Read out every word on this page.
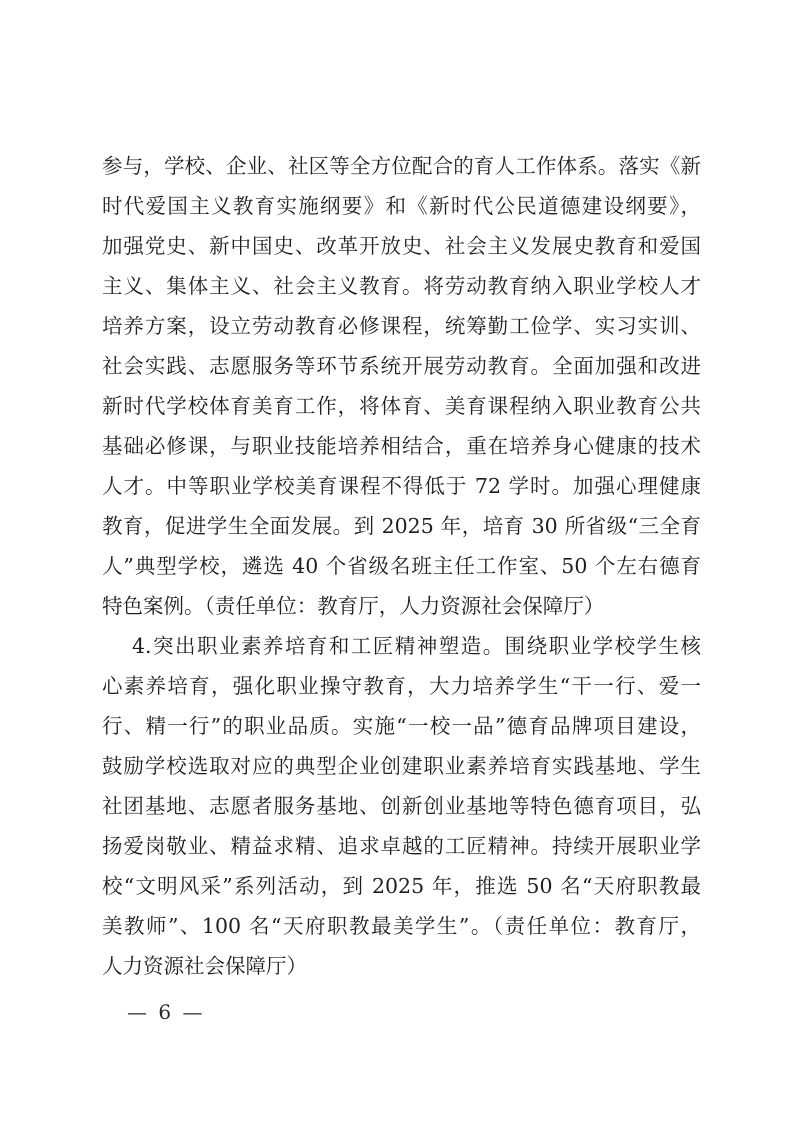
参与，学校、企业、社区等全方位配合的育人工作体系。落实《新
时代爱国主义教育实施纲要》和《新时代公民道德建设纲要》，
加强党史、新中国史、改革开放史、社会主义发展史教育和爱国
主义、集体主义、社会主义教育。将劳动教育纳入职业学校人才
培养方案，设立劳动教育必修课程，统筹勤工俭学、实习实训、
社会实践、志愿服务等环节系统开展劳动教育。全面加强和改进
新时代学校体育美育工作，将体育、美育课程纳入职业教育公共
基础必修课，与职业技能培养相结合，重在培养身心健康的技术
人才。中等职业学校美育课程不得低于 72 学时。加强心理健康
教育，促进学生全面发展。到 2025 年，培育 30 所省级“三全育
人”典型学校，遴选 40 个省级名班主任工作室、50 个左右德育
特色案例。（责任单位：教育厅，人力资源社会保障厅）
4.突出职业素养培育和工匠精神塑造。围绕职业学校学生核
心素养培育，强化职业操守教育，大力培养学生“干一行、爱一
行、精一行”的职业品质。实施“一校一品”德育品牌项目建设，
鼓励学校选取对应的典型企业创建职业素养培育实践基地、学生
社团基地、志愿者服务基地、创新创业基地等特色德育项目，弘
扬爱岗敬业、精益求精、追求卓越的工匠精神。持续开展职业学
校“文明风采”系列活动，到 2025 年，推选 50 名“天府职教最
美教师”、100 名“天府职教最美学生”。（责任单位：教育厅，
人力资源社会保障厅）
— 6 —
